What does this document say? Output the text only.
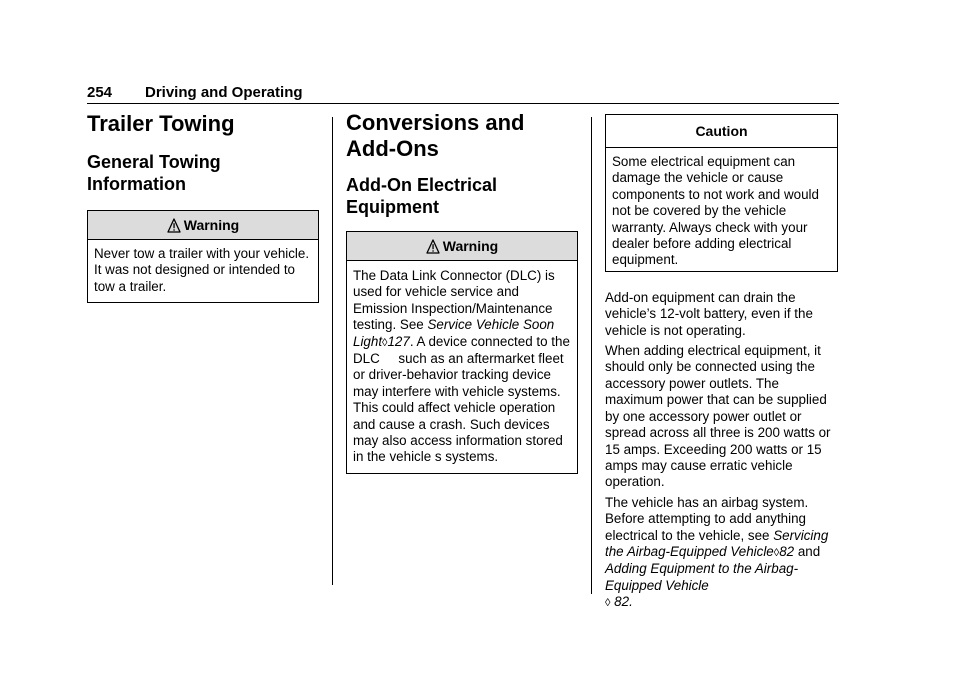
254 Driving and Operating
Trailer Towing
General Towing Information
Warning
Never tow a trailer with your vehicle. It was not designed or intended to tow a trailer.
Conversions and Add-Ons
Add-On Electrical Equipment
Warning
The Data Link Connector (DLC) is used for vehicle service and Emission Inspection/Maintenance testing. See Service Vehicle Soon Light◊127. A device connected to the DLC     such as an aftermarket fleet or driver-behavior tracking device may interfere with vehicle systems. This could affect vehicle operation and cause a crash. Such devices may also access information stored in the vehicle s systems.
Caution
Some electrical equipment can damage the vehicle or cause components to not work and would not be covered by the vehicle warranty. Always check with your dealer before adding electrical equipment.

Add-on equipment can drain the vehicle’s 12-volt battery, even if the vehicle is not operating.

When adding electrical equipment, it should only be connected using the accessory power outlets. The maximum power that can be supplied by one accessory power outlet or spread across all three is 200 watts or 15 amps. Exceeding 200 watts or 15 amps may cause erratic vehicle operation.

The vehicle has an airbag system. Before attempting to add anything electrical to the vehicle, see Servicing the Airbag-Equipped Vehicle◊82 and Adding Equipment to the Airbag-Equipped Vehicle
◊ 82.
